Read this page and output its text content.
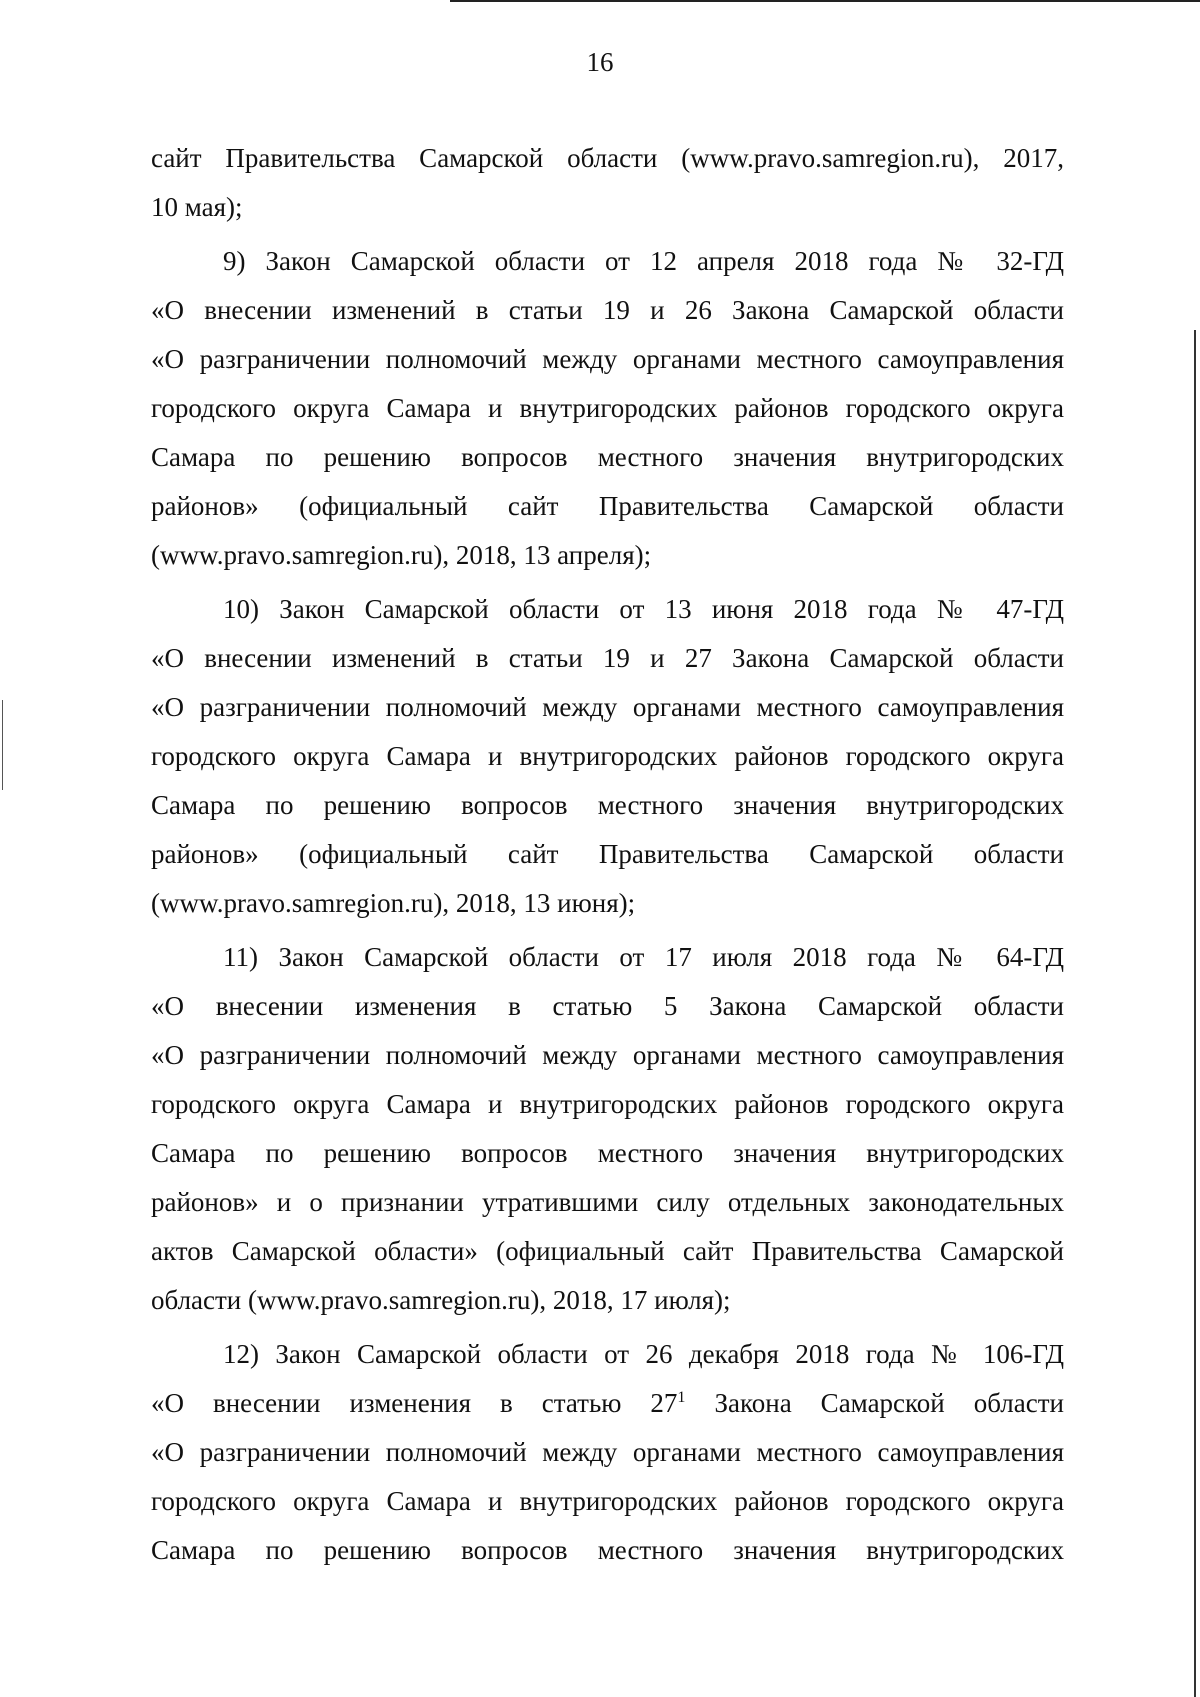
16
сайт Правительства Самарской области (www.pravo.samregion.ru), 2017,
10 мая);
9) Закон Самарской области от 12 апреля 2018 года № 32-ГД
«О внесении изменений в статьи 19 и 26 Закона Самарской области
«О разграничении полномочий между органами местного самоуправления
городского округа Самара и внутригородских районов городского округа
Самара по решению вопросов местного значения внутригородских
районов» (официальный сайт Правительства Самарской области
(www.pravo.samregion.ru), 2018, 13 апреля);
10) Закон Самарской области от 13 июня 2018 года № 47-ГД
«О внесении изменений в статьи 19 и 27 Закона Самарской области
«О разграничении полномочий между органами местного самоуправления
городского округа Самара и внутригородских районов городского округа
Самара по решению вопросов местного значения внутригородских
районов» (официальный сайт Правительства Самарской области
(www.pravo.samregion.ru), 2018, 13 июня);
11) Закон Самарской области от 17 июля 2018 года № 64-ГД
«О внесении изменения в статью 5 Закона Самарской области
«О разграничении полномочий между органами местного самоуправления
городского округа Самара и внутригородских районов городского округа
Самара по решению вопросов местного значения внутригородских
районов» и о признании утратившими силу отдельных законодательных
актов Самарской области» (официальный сайт Правительства Самарской
области (www.pravo.samregion.ru), 2018, 17 июля);
12) Закон Самарской области от 26 декабря 2018 года № 106-ГД
«О внесении изменения в статью $27^1$ Закона Самарской области
«О разграничении полномочий между органами местного самоуправления
городского округа Самара и внутригородских районов городского округа
Самара по решению вопросов местного значения внутригородских
